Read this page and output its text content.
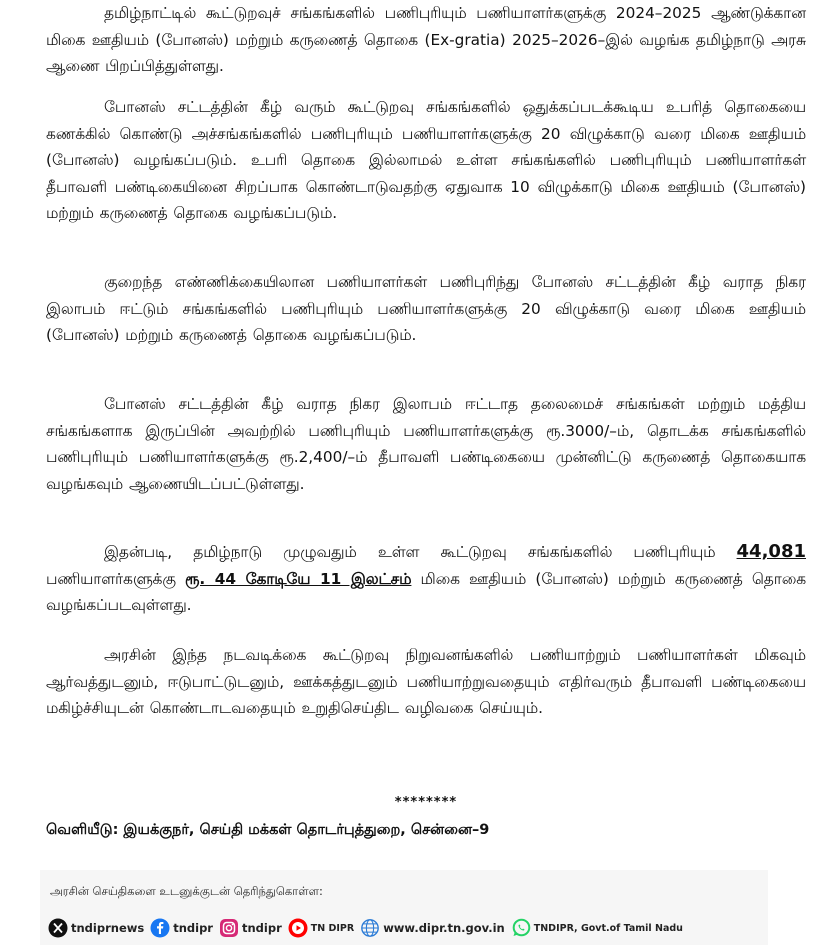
தமிழ்நாட்டில் கூட்டுறவுச் சங்கங்களில் பணிபுரியும் பணியாளர்களுக்கு 2024–2025 ஆண்டுக்கான மிகை ஊதியம் (போனஸ்) மற்றும் கருணைத் தொகை (Ex-gratia) 2025–2026–இல் வழங்க தமிழ்நாடு அரசு ஆணை பிறப்பித்துள்ளது.

போனஸ் சட்டத்தின் கீழ் வரும் கூட்டுறவு சங்கங்களில் ஒதுக்கப்படக்கூடிய உபரித் தொகையை கணக்கில் கொண்டு அச்சங்கங்களில் பணிபுரியும் பணியாளர்களுக்கு 20 விழுக்காடு வரை மிகை ஊதியம் (போனஸ்) வழங்கப்படும். உபரி தொகை இல்லாமல் உள்ள சங்கங்களில் பணிபுரியும் பணியாளர்கள் தீபாவளி பண்டிகையினை சிறப்பாக கொண்டாடுவதற்கு ஏதுவாக 10 விழுக்காடு மிகை ஊதியம் (போனஸ்) மற்றும் கருணைத் தொகை வழங்கப்படும்.

குறைந்த எண்ணிக்கையிலான பணியாளர்கள் பணிபுரிந்து போனஸ் சட்டத்தின் கீழ் வராத நிகர இலாபம் ஈட்டும் சங்கங்களில் பணிபுரியும் பணியாளர்களுக்கு 20 விழுக்காடு வரை மிகை ஊதியம் (போனஸ்) மற்றும் கருணைத் தொகை வழங்கப்படும்.

போனஸ் சட்டத்தின் கீழ் வராத நிகர இலாபம் ஈட்டாத தலைமைச் சங்கங்கள் மற்றும் மத்திய சங்கங்களாக இருப்பின் அவற்றில் பணிபுரியும் பணியாளர்களுக்கு ரூ.3000/–ம், தொடக்க சங்கங்களில் பணிபுரியும் பணியாளர்களுக்கு ரூ.2,400/–ம் தீபாவளி பண்டிகையை முன்னிட்டு கருணைத் தொகையாக வழங்கவும் ஆணையிடப்பட்டுள்ளது.

இதன்படி, தமிழ்நாடு முழுவதும் உள்ள கூட்டுறவு சங்கங்களில் பணிபுரியும் 44,081 பணியாளர்களுக்கு ரூ. 44 கோடியே 11 இலட்சம் மிகை ஊதியம் (போனஸ்) மற்றும் கருணைத் தொகை வழங்கப்படவுள்ளது.

அரசின் இந்த நடவடிக்கை கூட்டுறவு நிறுவனங்களில் பணியாற்றும் பணியாளர்கள் மிகவும் ஆர்வத்துடனும், ஈடுபாட்டுடனும், ஊக்கத்துடனும் பணியாற்றுவதையும் எதிர்வரும் தீபாவளி பண்டிகையை மகிழ்ச்சியுடன் கொண்டாடவதையும் உறுதிசெய்திட வழிவகை செய்யும்.

********
வெளியீடு: இயக்குநர், செய்தி மக்கள் தொடர்புத்துறை, சென்னை–9
அரசின் செய்திகளை உடனுக்குடன் தெரிந்துகொள்ள:
tndiprnews	tndipr	tndipr	TN DIPR	www.dipr.tn.gov.in	TNDIPR, Govt.of Tamil Nadu
